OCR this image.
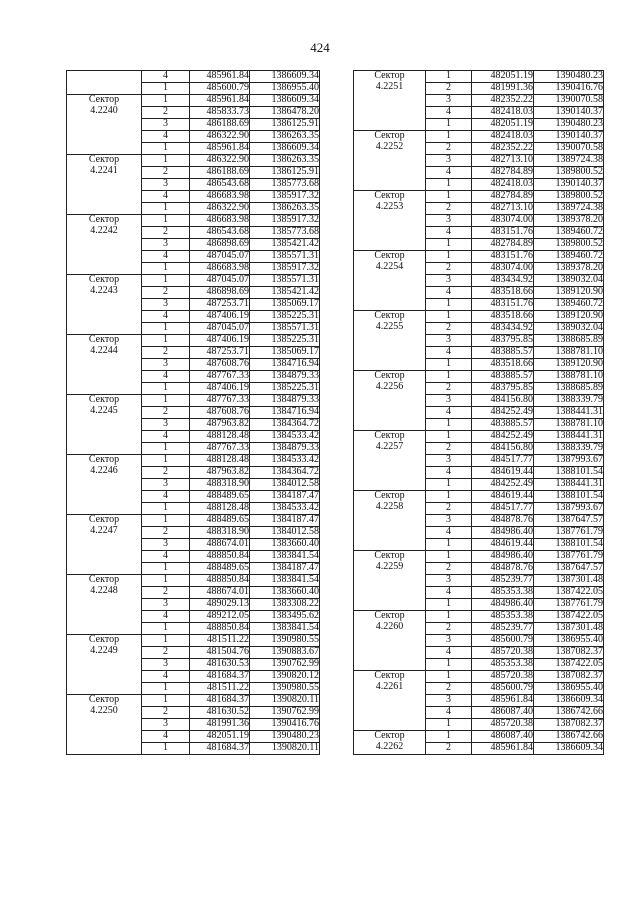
424
	4	485961.84	1386609.34
	1	485600.79	1386955.40

Сектор
4.2240	1	485961.84	1386609.34
	2	485833.73	1386478.20
	3	486188.69	1386125.91
	4	486322.90	1386263.35
	1	485961.84	1386609.34

Сектор
4.2241	1	486322.90	1386263.35
	2	486188.69	1386125.91
	3	486543.68	1385773.68
	4	486683.98	1385917.32
	1	486322.90	1386263.35

Сектор
4.2242	1	486683.98	1385917.32
	2	486543.68	1385773.68
	3	486898.69	1385421.42
	4	487045.07	1385571.31
	1	486683.98	1385917.32

Сектор
4.2243	1	487045.07	1385571.31
	2	486898.69	1385421.42
	3	487253.71	1385069.17
	4	487406.19	1385225.31
	1	487045.07	1385571.31

Сектор
4.2244	1	487406.19	1385225.31
	2	487253.71	1385069.17
	3	487608.76	1384716.94
	4	487767.33	1384879.33
	1	487406.19	1385225.31

Сектор
4.2245	1	487767.33	1384879.33
	2	487608.76	1384716.94
	3	487963.82	1384364.72
	4	488128.48	1384533.42
	1	487767.33	1384879.33

Сектор
4.2246	1	488128.48	1384533.42
	2	487963.82	1384364.72
	3	488318.90	1384012.58
	4	488489.65	1384187.47
	1	488128.48	1384533.42

Сектор
4.2247	1	488489.65	1384187.47
	2	488318.90	1384012.58
	3	488674.01	1383660.40
	4	488850.84	1383841.54
	1	488489.65	1384187.47

Сектор
4.2248	1	488850.84	1383841.54
	2	488674.01	1383660.40
	3	489029.13	1383308.22
	4	489212.05	1383495.62
	1	488850.84	1383841.54

Сектор
4.2249	1	481511.22	1390980.55
	2	481504.76	1390883.67
	3	481630.53	1390762.99
	4	481684.37	1390820.12
	1	481511.22	1390980.55

Сектор
4.2250	1	481684.37	1390820.11
	2	481630.52	1390762.99
	3	481991.36	1390416.76
	4	482051.19	1390480.23
	1	481684.37	1390820.11
Сектор
4.2251	1	482051.19	1390480.23
	2	481991.36	1390416.76
	3	482352.22	1390070.58
	4	482418.03	1390140.37
	1	482051.19	1390480.23

Сектор
4.2252	1	482418.03	1390140.37
	2	482352.22	1390070.58
	3	482713.10	1389724.38
	4	482784.89	1389800.52
	1	482418.03	1390140.37

Сектор
4.2253	1	482784.89	1389800.52
	2	482713.10	1389724.38
	3	483074.00	1389378.20
	4	483151.76	1389460.72
	1	482784.89	1389800.52

Сектор
4.2254	1	483151.76	1389460.72
	2	483074.00	1389378.20
	3	483434.92	1389032.04
	4	483518.66	1389120.90
	1	483151.76	1389460.72

Сектор
4.2255	1	483518.66	1389120.90
	2	483434.92	1389032.04
	3	483795.85	1388685.89
	4	483885.57	1388781.10
	1	483518.66	1389120.90

Сектор
4.2256	1	483885.57	1388781.10
	2	483795.85	1388685.89
	3	484156.80	1388339.79
	4	484252.49	1388441.31
	1	483885.57	1388781.10

Сектор
4.2257	1	484252.49	1388441.31
	2	484156.80	1388339.79
	3	484517.77	1387993.67
	4	484619.44	1388101.54
	1	484252.49	1388441.31

Сектор
4.2258	1	484619.44	1388101.54
	2	484517.77	1387993.67
	3	484878.76	1387647.57
	4	484986.40	1387761.79
	1	484619.44	1388101.54

Сектор
4.2259	1	484986.40	1387761.79
	2	484878.76	1387647.57
	3	485239.77	1387301.48
	4	485353.38	1387422.05
	1	484986.40	1387761.79

Сектор
4.2260	1	485353.38	1387422.05
	2	485239.77	1387301.48
	3	485600.79	1386955.40
	4	485720.38	1387082.37
	1	485353.38	1387422.05

Сектор
4.2261	1	485720.38	1387082.37
	2	485600.79	1386955.40
	3	485961.84	1386609.34
	4	486087.40	1386742.66
	1	485720.38	1387082.37

Сектор
4.2262	1	486087.40	1386742.66
	2	485961.84	1386609.34
